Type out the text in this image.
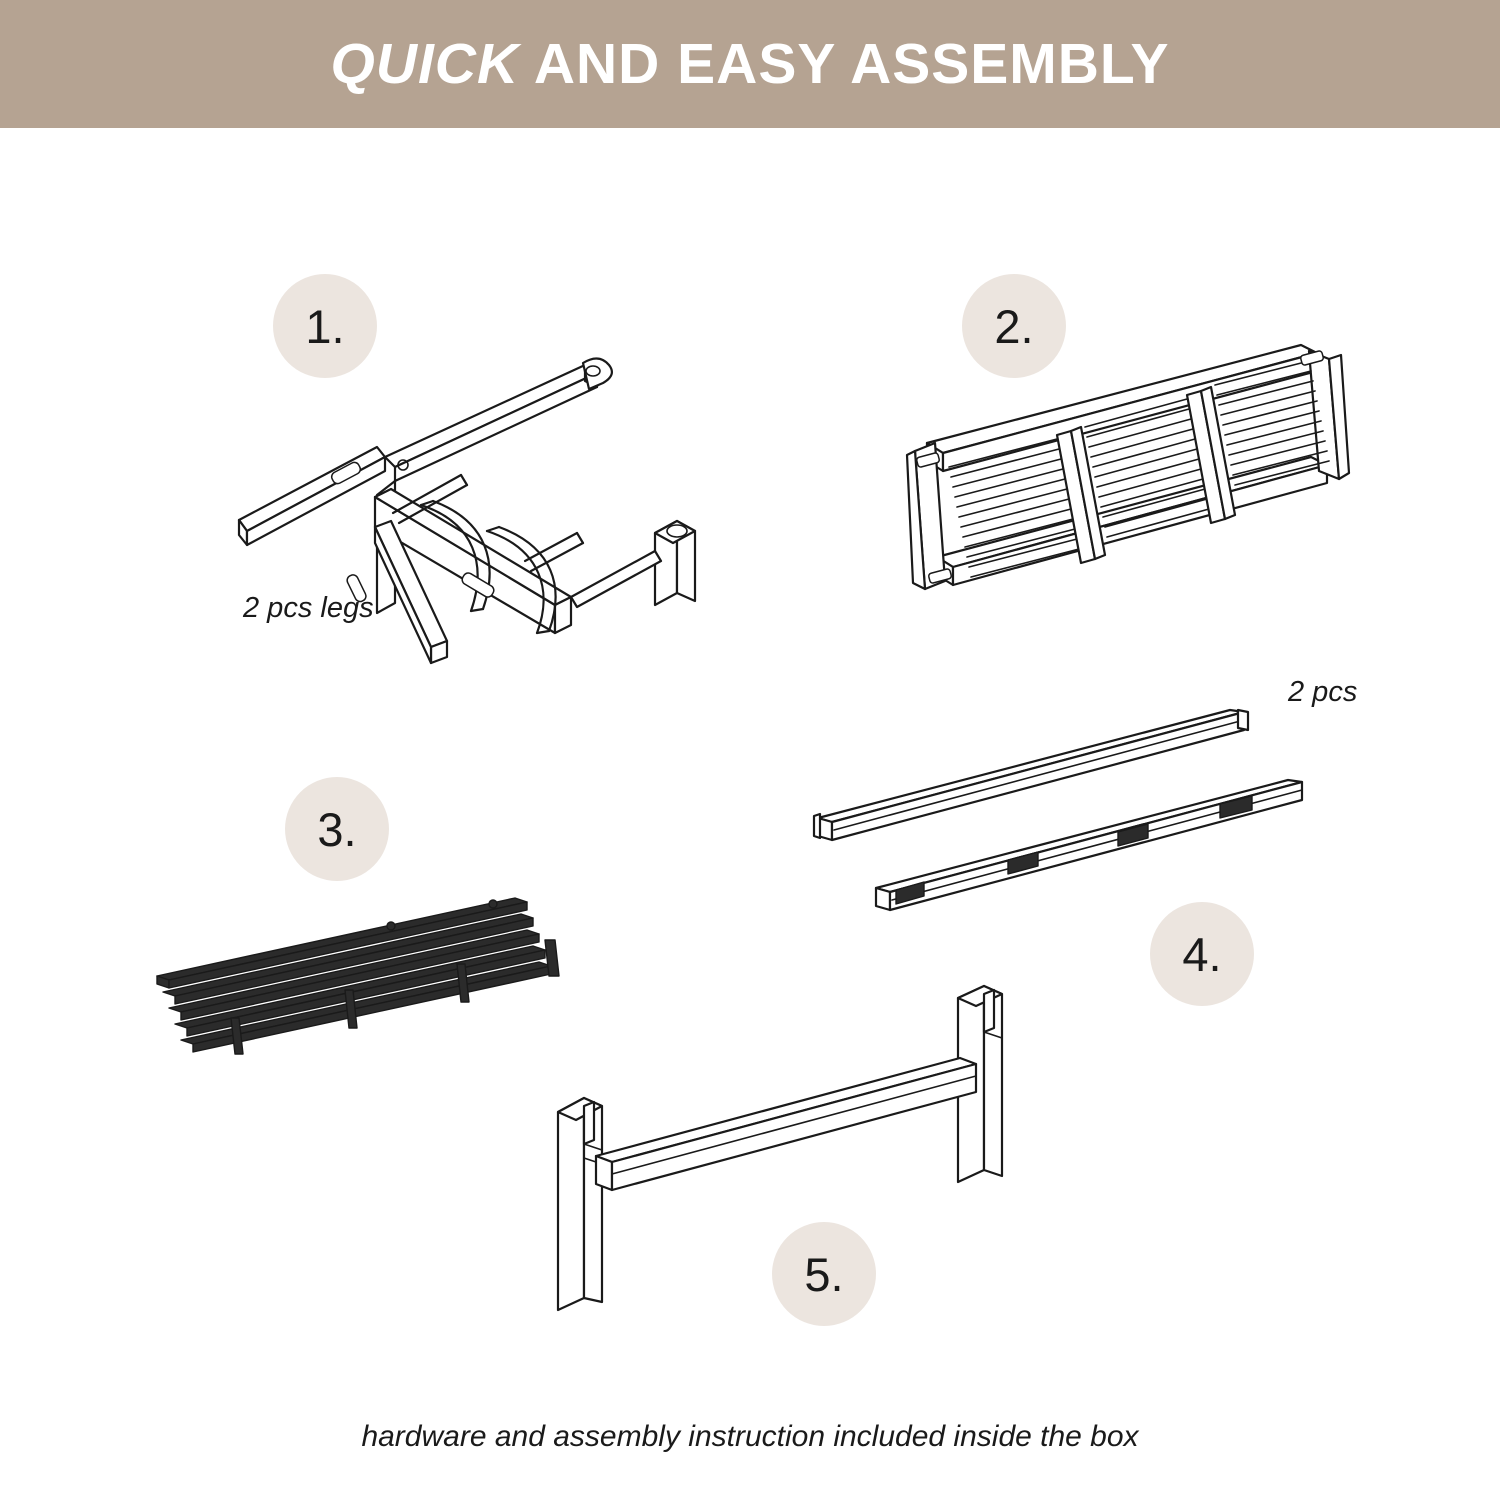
QUICK AND EASY ASSEMBLY
1.
2 pcs legs
2.
3.
4.
2 pcs
5.
hardware and assembly instruction included inside the box
